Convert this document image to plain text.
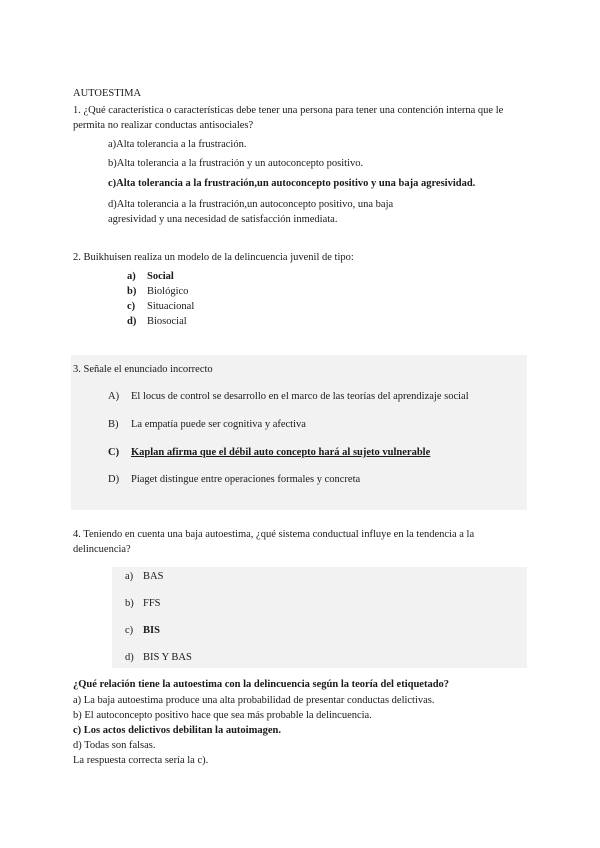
AUTOESTIMA
1. ¿Qué característica o características debe tener una persona para tener una contención interna que le permita no realizar conductas antisociales?
a)Alta tolerancia a la frustración.
b)Alta tolerancia a la frustración y un autoconcepto positivo.
c)Alta tolerancia a la frustración,un autoconcepto positivo y una baja agresividad.
d)Alta tolerancia a la frustración,un autoconcepto positivo, una baja agresividad y una necesidad de satisfacción inmediata.
2. Buikhuisen realiza un modelo de la delincuencia juvenil de tipo:
a) Social
b) Biológico
c) Situacional
d) Biosocial
3. Señale el enunciado incorrecto
A) El locus de control se desarrollo en el marco de las teorías del aprendizaje social
B) La empatía puede ser cognitiva y afectiva
C) Kaplan afirma que el débil auto concepto hará al sujeto vulnerable
D) Piaget distingue entre operaciones formales y concreta
4. Teniendo en cuenta una baja autoestima, ¿qué sistema conductual influye en la tendencia a la delincuencia?
a) BAS
b) FFS
c) BIS
d) BIS Y BAS
¿Qué relación tiene la autoestima con la delincuencia según la teoría del etiquetado?
a) La baja autoestima produce una alta probabilidad de presentar conductas delictivas.
b) El autoconcepto positivo hace que sea más probable la delincuencia.
c) Los actos delictivos debilitan la autoimagen.
d) Todas son falsas.
La respuesta correcta sería la c).
